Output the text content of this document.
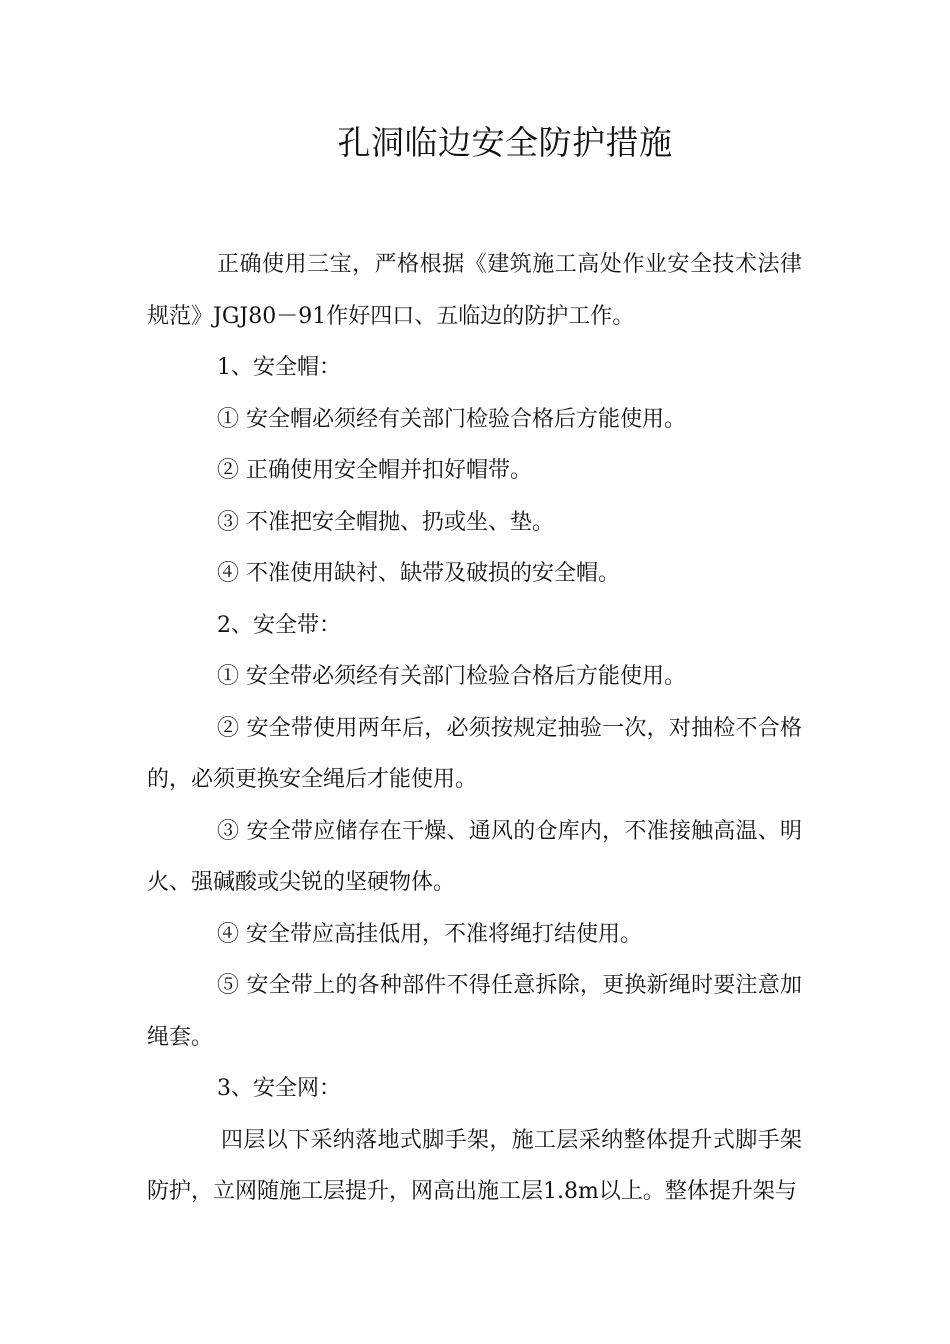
孔洞临边安全防护措施

正确使用三宝，严格根据《建筑施工高处作业安全技术法律规范》JGJ80－91作好四口、五临边的防护工作。

1、安全帽：

① 安全帽必须经有关部门检验合格后方能使用。

② 正确使用安全帽并扣好帽带。

③ 不准把安全帽抛、扔或坐、垫。

④ 不准使用缺衬、缺带及破损的安全帽。

2、安全带：

① 安全带必须经有关部门检验合格后方能使用。

② 安全带使用两年后，必须按规定抽验一次，对抽检不合格的，必须更换安全绳后才能使用。

③ 安全带应储存在干燥、通风的仓库内，不准接触高温、明火、强碱酸或尖锐的坚硬物体。

④ 安全带应高挂低用，不准将绳打结使用。

⑤ 安全带上的各种部件不得任意拆除，更换新绳时要注意加绳套。

3、安全网：

四层以下采纳落地式脚手架，施工层采纳整体提升式脚手架防护，立网随施工层提升，网高出施工层1.8m以上。整体提升架与
